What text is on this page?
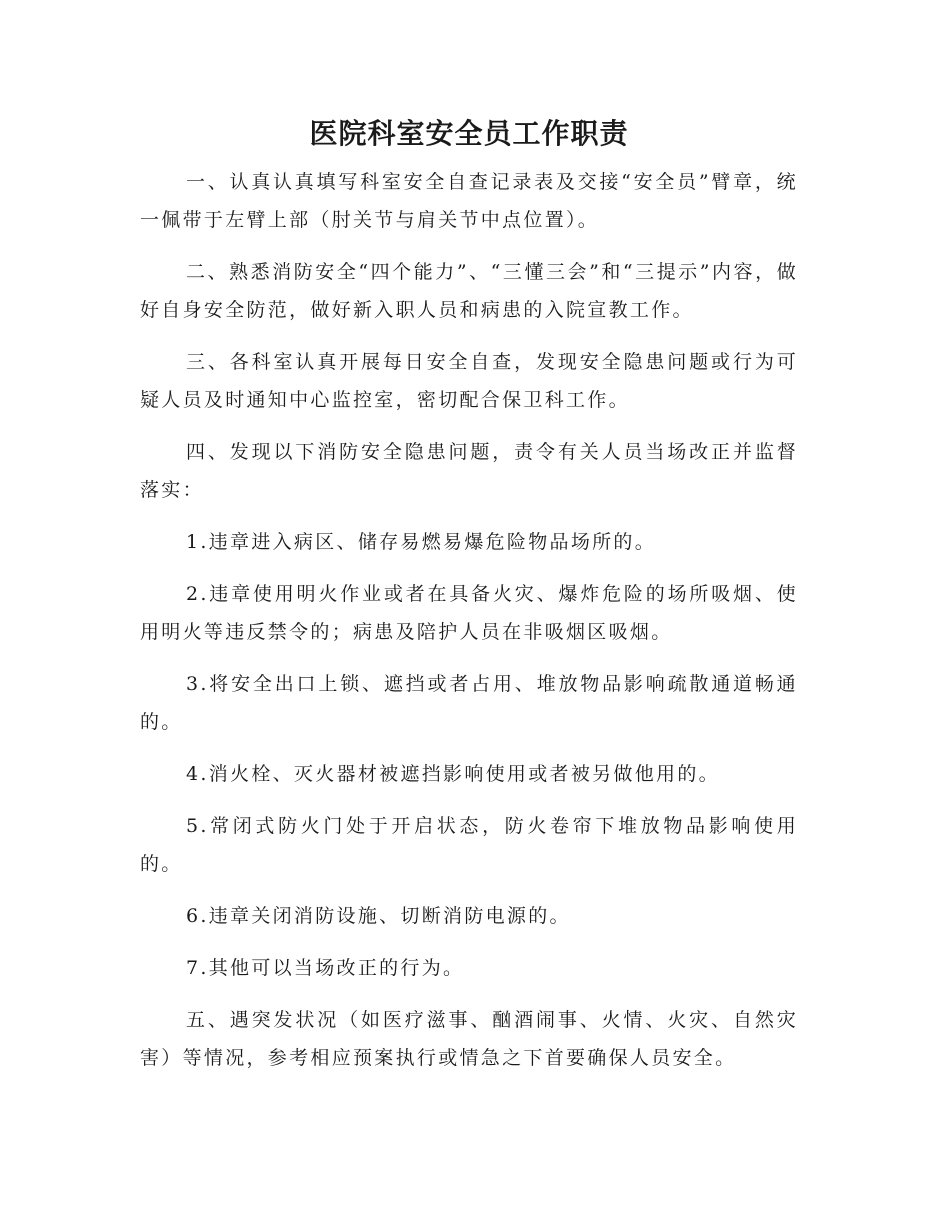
医院科室安全员工作职责

一、认真认真填写科室安全自查记录表及交接“安全员”臂章，统一佩带于左臂上部（肘关节与肩关节中点位置）。

二、熟悉消防安全“四个能力”、“三懂三会”和“三提示”内容，做好自身安全防范，做好新入职人员和病患的入院宣教工作。

三、各科室认真开展每日安全自查，发现安全隐患问题或行为可疑人员及时通知中心监控室，密切配合保卫科工作。

四、发现以下消防安全隐患问题，责令有关人员当场改正并监督落实：

1.违章进入病区、储存易燃易爆危险物品场所的。

2.违章使用明火作业或者在具备火灾、爆炸危险的场所吸烟、使用明火等违反禁令的；病患及陪护人员在非吸烟区吸烟。

3.将安全出口上锁、遮挡或者占用、堆放物品影响疏散通道畅通的。

4.消火栓、灭火器材被遮挡影响使用或者被另做他用的。

5.常闭式防火门处于开启状态，防火卷帘下堆放物品影响使用的。

6.违章关闭消防设施、切断消防电源的。

7.其他可以当场改正的行为。

五、遇突发状况（如医疗滋事、酗酒闹事、火情、火灾、自然灾害）等情况，参考相应预案执行或情急之下首要确保人员安全。
